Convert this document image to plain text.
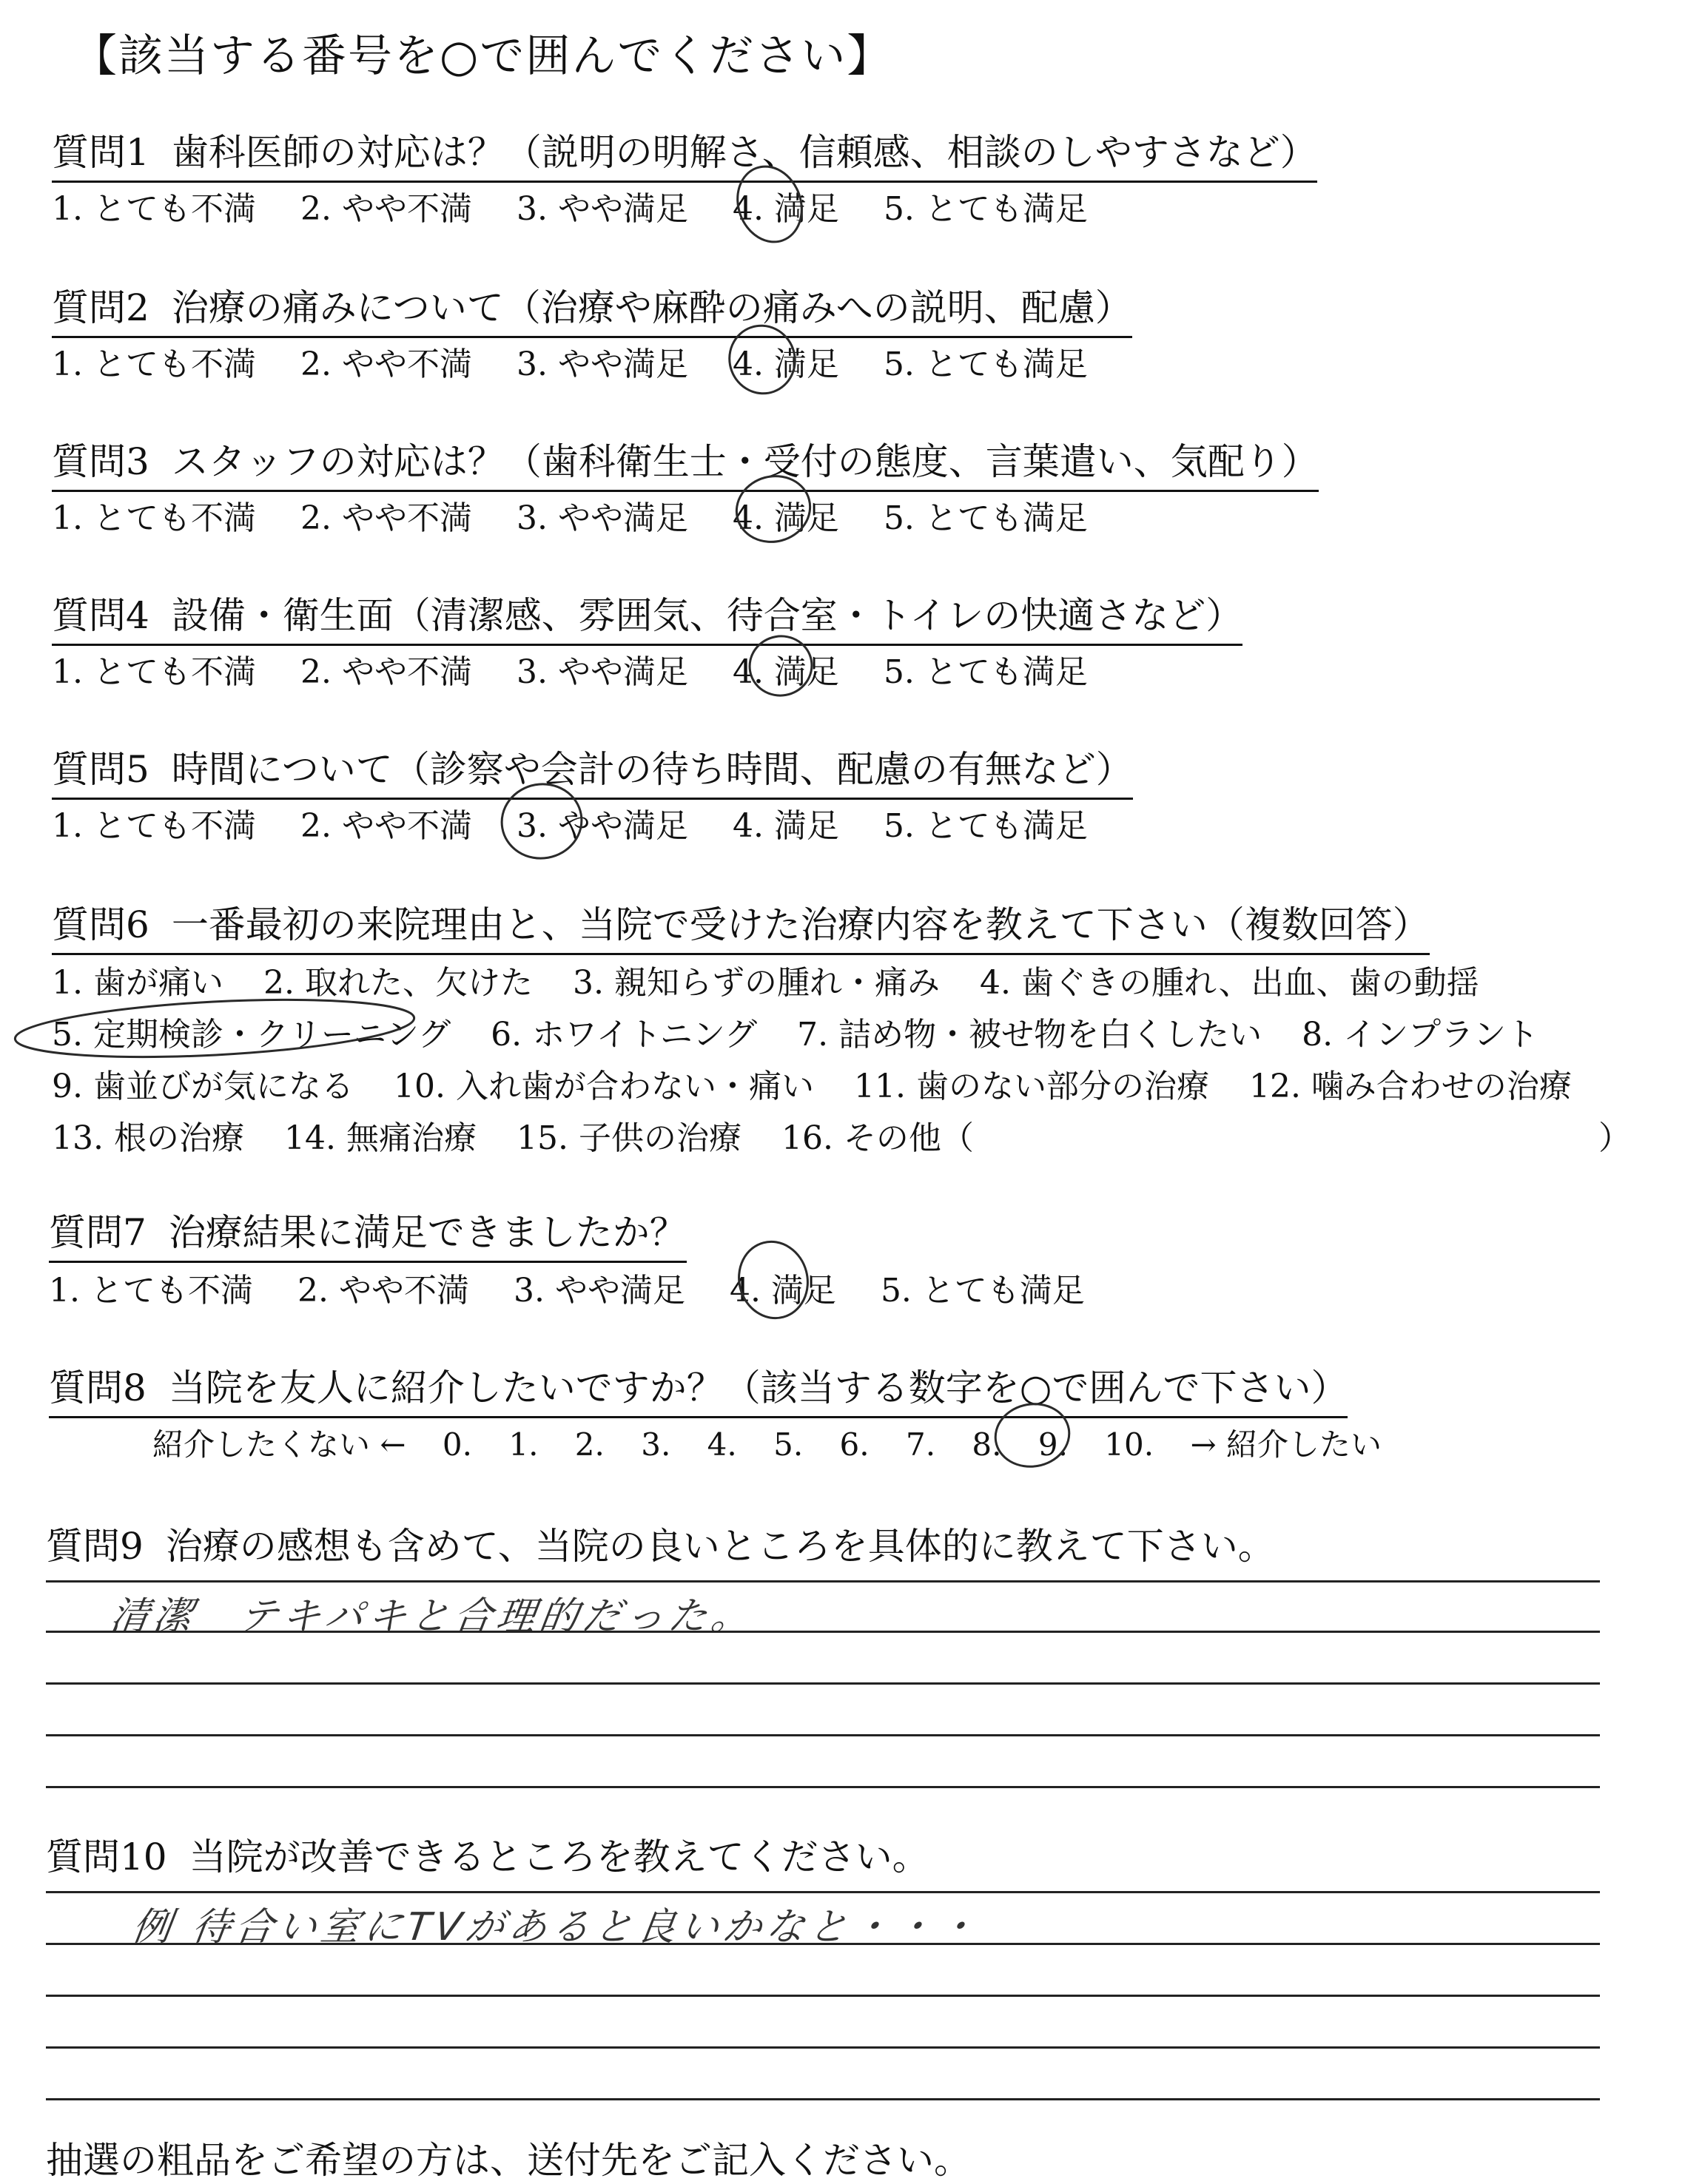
【該当する番号を○で囲んでください】
質問1 歯科医師の対応は？（説明の明解さ、信頼感、相談のしやすさなど）
1. とても不満 2. やや不満 3. やや満足 4. 満足 5. とても満足
質問2 治療の痛みについて（治療や麻酔の痛みへの説明、配慮）
1. とても不満 2. やや不満 3. やや満足 4. 満足 5. とても満足
質問3 スタッフの対応は？（歯科衛生士・受付の態度、言葉遣い、気配り）
1. とても不満 2. やや不満 3. やや満足 4. 満足 5. とても満足
質問4 設備・衛生面（清潔感、雰囲気、待合室・トイレの快適さなど）
1. とても不満 2. やや不満 3. やや満足 4. 満足 5. とても満足
質問5 時間について（診察や会計の待ち時間、配慮の有無など）
1. とても不満 2. やや不満 3. やや満足 4. 満足 5. とても満足
質問6 一番最初の来院理由と、当院で受けた治療内容を教えて下さい（複数回答）
1. 歯が痛い 2. 取れた、欠けた 3. 親知らずの腫れ・痛み 4. 歯ぐきの腫れ、出血、歯の動揺
5. 定期検診・クリーニング 6. ホワイトニング 7. 詰め物・被せ物を白くしたい 8. インプラント
9. 歯並びが気になる 10. 入れ歯が合わない・痛い 11. 歯のない部分の治療 12. 噛み合わせの治療
13. 根の治療 14. 無痛治療 15. 子供の治療 16. その他（	）
質問7 治療結果に満足できましたか？
1. とても不満 2. やや不満 3. やや満足 4. 満足 5. とても満足
質問8 当院を友人に紹介したいですか？（該当する数字を○で囲んで下さい）
紹介したくない ← 0. 1. 2. 3. 4. 5. 6. 7. 8. 9. 10. → 紹介したい
質問9 治療の感想も含めて、当院の良いところを具体的に教えて下さい。
清潔　テキパキと合理的だった。
質問10 当院が改善できるところを教えてください。
例 待合い室にTVがあると良いかなと・・・
抽選の粗品をご希望の方は、送付先をご記入ください。
